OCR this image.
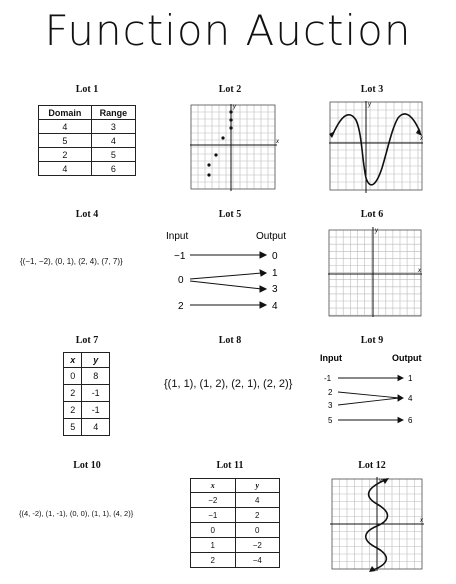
Function Auction
Lot 1	Lot 2	Lot 3
Domain	Range
4	3
5	4
2	5
4	6
x
y
x
y
Lot 4	Lot 5	Lot 6
{(−1, −2), (0, 1), (2, 4), (7, 7)}
Input	Output
−1
0
2
0
1
3
4
x
y
Lot 7	Lot 8	Lot 9
x	y
0	8
2	-1
2	-1
5	4
{(1, 1), (1, 2), (2, 1), (2, 2)}
Input	Output
-1
2
3
5
1
4
6
Lot 10	Lot 11	Lot 12
{(4, -2), (1, -1), (0, 0), (1, 1), (4, 2)}
x	y
−2	4
−1	2
0	0
1	−2
2	−4
x
y
